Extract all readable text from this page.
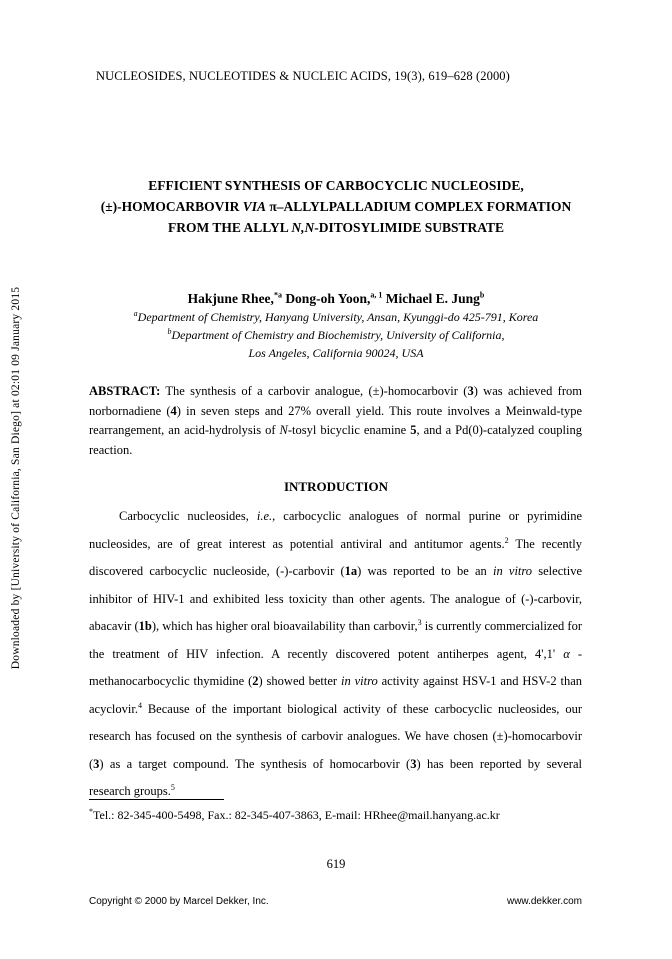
Downloaded by [University of California, San Diego] at 02:01 09 January 2015
NUCLEOSIDES, NUCLEOTIDES & NUCLEIC ACIDS, 19(3), 619–628 (2000)
EFFICIENT SYNTHESIS OF CARBOCYCLIC NUCLEOSIDE,
(±)-HOMOCARBOVIR VIA π–ALLYLPALLADIUM COMPLEX FORMATION
FROM THE ALLYL N,N-DITOSYLIMIDE SUBSTRATE
Hakjune Rhee,$^{*a}$ Dong-oh Yoon,$^{a, 1}$ Michael E. Jung$^b$
$^a$Department of Chemistry, Hanyang University, Ansan, Kyunggi-do 425-791, Korea
$^b$Department of Chemistry and Biochemistry, University of California,
Los Angeles, California 90024, USA

ABSTRACT: The synthesis of a carbovir analogue, (±)-homocarbovir (3) was achieved from norbornadiene (4) in seven steps and 27% overall yield. This route involves a Meinwald-type rearrangement, an acid-hydrolysis of N-tosyl bicyclic enamine 5, and a Pd(0)-catalyzed coupling reaction.

INTRODUCTION

Carbocyclic nucleosides, i.e., carbocyclic analogues of normal purine or pyrimidine nucleosides, are of great interest as potential antiviral and antitumor agents.$^2$ The recently discovered carbocyclic nucleoside, (-)-carbovir (1a) was reported to be an in vitro selective inhibitor of HIV-1 and exhibited less toxicity than other agents. The analogue of (-)-carbovir, abacavir (1b), which has higher oral bioavailability than carbovir,$^3$ is currently commercialized for the treatment of HIV infection. A recently discovered potent antiherpes agent, 4',1' α -methanocarbocyclic thymidine (2) showed better in vitro activity against HSV-1 and HSV-2 than acyclovir.$^4$ Because of the important biological activity of these carbocyclic nucleosides, our research has focused on the synthesis of carbovir analogues. We have chosen (±)-homocarbovir (3) as a target compound. The synthesis of homocarbovir (3) has been reported by several research groups.$^5$

*Tel.: 82-345-400-5498, Fax.: 82-345-407-3863, E-mail: HRhee@mail.hanyang.ac.kr
619
Copyright © 2000 by Marcel Dekker, Inc.	www.dekker.com
